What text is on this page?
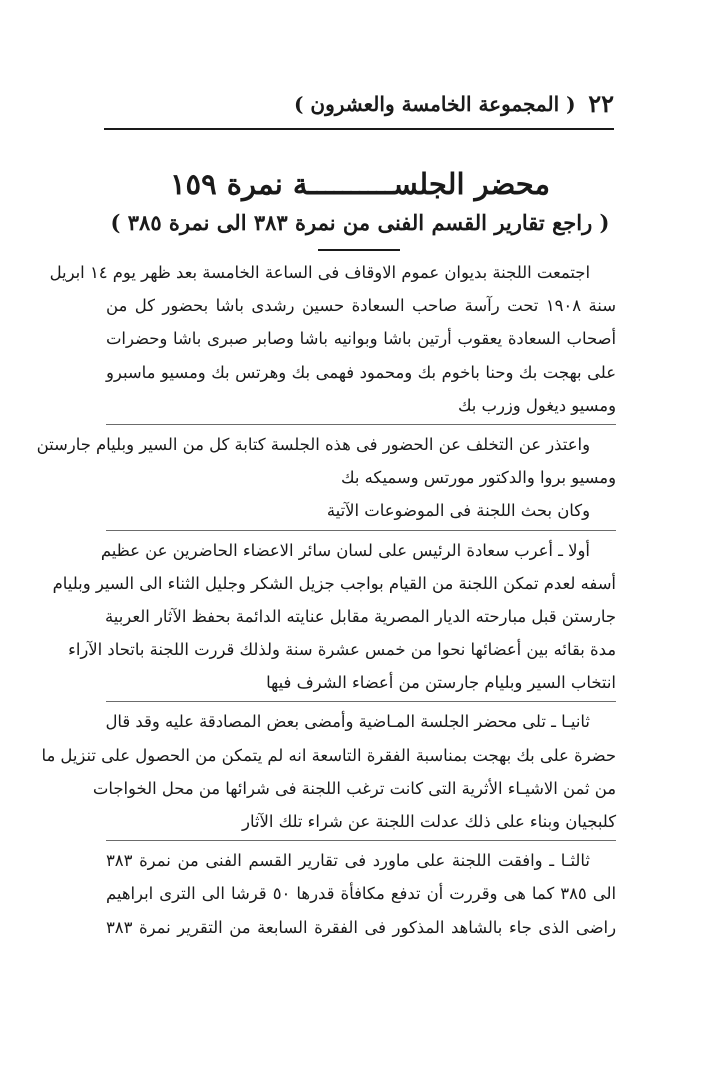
٢٢
( المجموعة الخامسة والعشرون )
محضر الجلســــــــــة نمرة ١٥٩
( راجع تقارير القسم الفنى من نمرة ٣٨٣ الى نمرة ٣٨٥ )
اجتمعت اللجنة بديوان عموم الاوقاف فى الساعة الخامسة بعد ظهر يوم ١٤ ابريل
سنة ١٩٠٨ تحت رآسة صاحب السعادة حسين رشدى باشا بحضور كل من
أصحاب السعادة يعقوب أرتين باشا وبوانيه باشا وصابر صبرى باشا وحضرات
على بهجت بك وحنا باخوم بك ومحمود فهمى بك وهرتس بك ومسيو ماسبرو
ومسيو ديغول وزرب بك
واعتذر عن التخلف عن الحضور فى هذه الجلسة كتابة كل من السير وبليام جارستن
ومسيو بروا والدكتور مورتس وسميكه بك
وكان بحث اللجنة فى الموضوعات الآتية
أولا ـ أعرب سعادة الرئيس على لسان سائر الاعضاء الحاضرين عن عظيم
أسفه لعدم تمكن اللجنة من القيام بواجب جزيل الشكر وجليل الثناء الى السير وبليام
جارستن قبل مبارحته الديار المصرية مقابل عنايته الدائمة بحفظ الآثار العربية
مدة بقائه بين أعضائها نحوا من خمس عشرة سنة ولذلك قررت اللجنة باتحاد الآراء
انتخاب السير وبليام جارستن من أعضاء الشرف فيها
ثانيـا ـ تلى محضر الجلسة المـاضية وأمضى بعض المصادقة عليه وقد قال
حضرة على بك بهجت بمناسبة الفقرة التاسعة انه لم يتمكن من الحصول على تنزيل ما
من ثمن الاشيـاء الأثرية التى كانت ترغب اللجنة فى شرائها من محل الخواجات
كلبجيان وبناء على ذلك عدلت اللجنة عن شراء تلك الآثار
ثالثـا ـ وافقت اللجنة على ماورد فى تقارير القسم الفنى من نمرة ٣٨٣
الى ٣٨٥ كما هى وقررت أن تدفع مكافأة قدرها ٥٠ قرشا الى الترى ابراهيم
راضى الذى جاء بالشاهد المذكور فى الفقرة السابعة من التقرير نمرة ٣٨٣
